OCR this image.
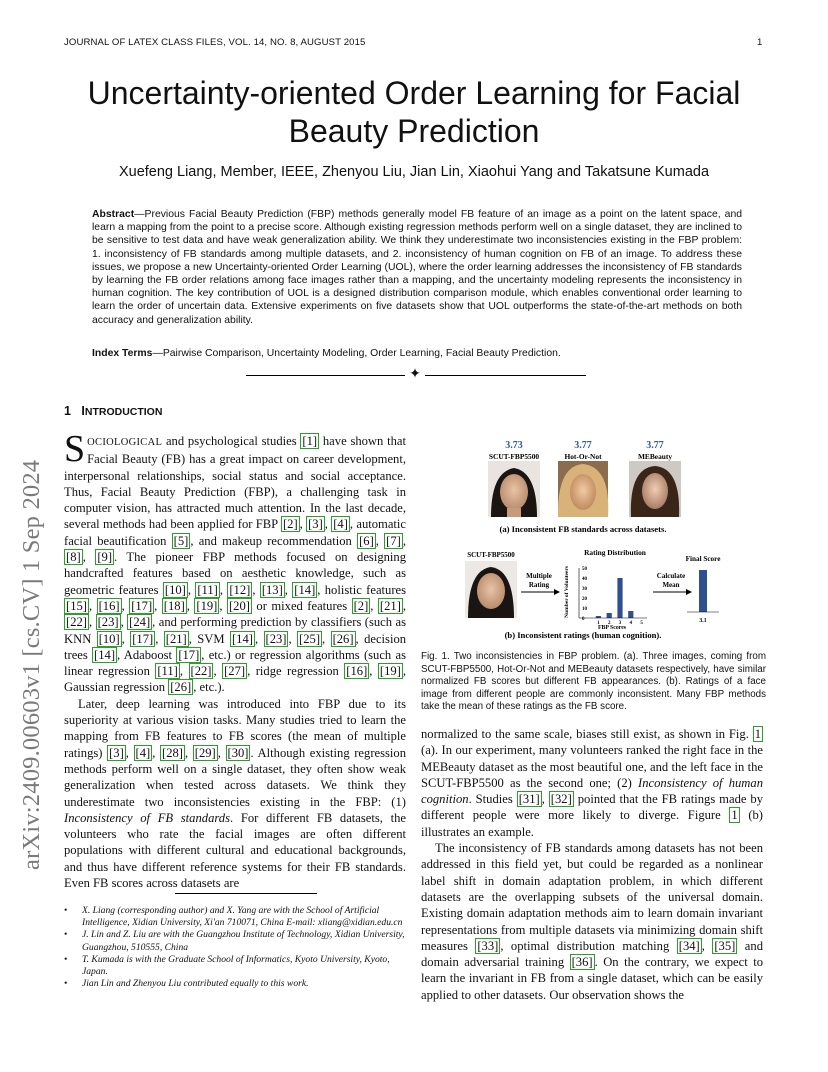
JOURNAL OF LATEX CLASS FILES, VOL. 14, NO. 8, AUGUST 2015	1
Uncertainty-oriented Order Learning for Facial Beauty Prediction
Xuefeng Liang, Member, IEEE, Zhenyou Liu, Jian Lin, Xiaohui Yang and Takatsune Kumada
Abstract—Previous Facial Beauty Prediction (FBP) methods generally model FB feature of an image as a point on the latent space, and learn a mapping from the point to a precise score. Although existing regression methods perform well on a single dataset, they are inclined to be sensitive to test data and have weak generalization ability. We think they underestimate two inconsistencies existing in the FBP problem: 1. inconsistency of FB standards among multiple datasets, and 2. inconsistency of human cognition on FB of an image. To address these issues, we propose a new Uncertainty-oriented Order Learning (UOL), where the order learning addresses the inconsistency of FB standards by learning the FB order relations among face images rather than a mapping, and the uncertainty modeling represents the inconsistency in human cognition. The key contribution of UOL is a designed distribution comparison module, which enables conventional order learning to learn the order of uncertain data. Extensive experiments on five datasets show that UOL outperforms the state-of-the-art methods on both accuracy and generalization ability.
Index Terms—Pairwise Comparison, Uncertainty Modeling, Order Learning, Facial Beauty Prediction.
✦
arXiv:2409.00603v1 [cs.CV] 1 Sep 2024
1 INTRODUCTION

SOCIOLOGICAL and psychological studies [1] have shown that Facial Beauty (FB) has a great impact on career development, interpersonal relationships, social status and social acceptance. Thus, Facial Beauty Prediction (FBP), a challenging task in computer vision, has attracted much attention. In the last decade, several methods had been applied for FBP [2] , [3] , [4] , automatic facial beautification [5] , and makeup recommendation [6] , [7] , [8] , [9] . The pioneer FBP methods focused on designing handcrafted features based on aesthetic knowledge, such as geometric features [10] , [11] , [12] , [13] , [14] , holistic features [15] , [16] , [17] , [18] , [19] , [20] or mixed features [2] , [21] , [22] , [23] , [24] , and performing prediction by classifiers (such as KNN [10] , [17] , [21] , SVM [14] , [23] , [25] , [26] , decision trees [14] , Adaboost [17] , etc.) or regression algorithms (such as linear regression [11] , [22] , [27] , ridge regression [16] , [19] , Gaussian regression [26] , etc.).

Later, deep learning was introduced into FBP due to its superiority at various vision tasks. Many studies tried to learn the mapping from FB features to FB scores (the mean of multiple ratings) [3] , [4] , [28] , [29] , [30] . Although existing regression methods perform well on a single dataset, they often show weak generalization when tested across datasets. We think they underestimate two inconsistencies existing in the FBP: (1) Inconsistency of FB standards. For different FB datasets, the volunteers who rate the facial images are often different populations with different cultural and educational backgrounds, and thus have different reference systems for their FB standards. Even FB scores across datasets are

• X. Liang (corresponding author) and X. Yang are with the School of Artificial Intelligence, Xidian University, Xi'an 710071, China E-mail: xliang@xidian.edu.cn

• J. Lin and Z. Liu are with the Guangzhou Institute of Technology, Xidian University, Guangzhou, 510555, China

• T. Kumada is with the Graduate School of Informatics, Kyoto University, Kyoto, Japan.

• Jian Lin and Zhenyou Liu contributed equally to this work.

3.73	3.77	3.77
SCUT-FBP5500	Hot-Or-Not	MEBeauty
(a) Inconsistent FB standards across datasets.
SCUT-FBP5500
Multiple
Rating
Rating Distribution
Number of Volunteers
0
10
20
30
40
50
1 2 3 4 5
FBP Scores
Calculate
Mean
Final Score
3.1
(b) Inconsistent ratings (human cognition).
Fig. 1. Two inconsistencies in FBP problem. (a). Three images, coming from SCUT-FBP5500, Hot-Or-Not and MEBeauty datasets respectively, have similar normalized FB scores but different FB appearances. (b). Ratings of a face image from different people are commonly inconsistent. Many FBP methods take the mean of these ratings as the FB score.

normalized to the same scale, biases still exist, as shown in Fig. 1 (a). In our experiment, many volunteers ranked the right face in the MEBeauty dataset as the most beautiful one, and the left face in the SCUT-FBP5500 as the second one; (2) Inconsistency of human cognition. Studies [31] , [32] pointed that the FB ratings made by different people were more likely to diverge. Figure 1 (b) illustrates an example.

The inconsistency of FB standards among datasets has not been addressed in this field yet, but could be regarded as a nonlinear label shift in domain adaptation problem, in which different datasets are the overlapping subsets of the universal domain. Existing domain adaptation methods aim to learn domain invariant representations from multiple datasets via minimizing domain shift measures [33] , optimal distribution matching [34] , [35] and domain adversarial training [36] . On the contrary, we expect to learn the invariant in FB from a single dataset, which can be easily applied to other datasets. Our observation shows the
